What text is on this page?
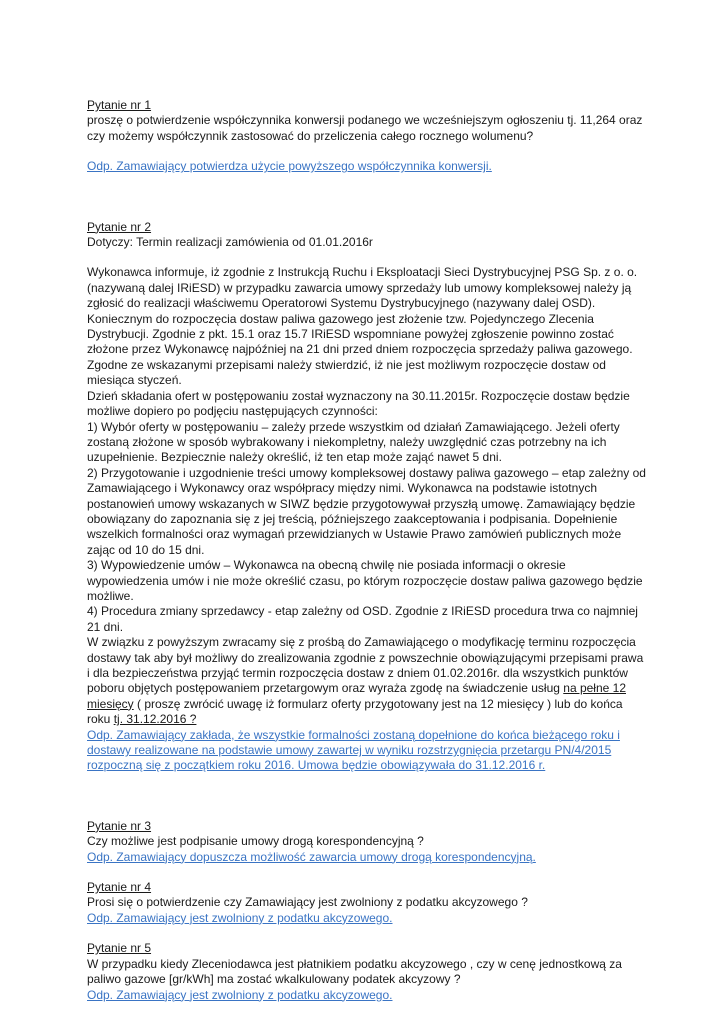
Pytanie nr 1

proszę o potwierdzenie współczynnika konwersji podanego we wcześniejszym ogłoszeniu tj. 11,264 oraz czy możemy współczynnik zastosować do przeliczenia całego rocznego wolumenu?

Odp. Zamawiający potwierdza użycie powyższego współczynnika konwersji.

Pytanie nr 2

Dotyczy: Termin realizacji zamówienia od 01.01.2016r

Wykonawca informuje, iż zgodnie z Instrukcją Ruchu i Eksploatacji Sieci Dystrybucyjnej PSG Sp. z o. o. (nazywaną dalej IRiESD) w przypadku zawarcia umowy sprzedaży lub umowy kompleksowej należy ją zgłosić do realizacji właściwemu Operatorowi Systemu Dystrybucyjnego (nazywany dalej OSD). Koniecznym do rozpoczęcia dostaw paliwa gazowego jest złożenie tzw. Pojedynczego Zlecenia Dystrybucji. Zgodnie z pkt. 15.1 oraz 15.7 IRiESD wspomniane powyżej zgłoszenie powinno zostać złożone przez Wykonawcę najpóźniej na 21 dni przed dniem rozpoczęcia sprzedaży paliwa gazowego. Zgodne ze wskazanymi przepisami należy stwierdzić, iż nie jest możliwym rozpoczęcie dostaw od miesiąca styczeń.

Dzień składania ofert w postępowaniu został wyznaczony na 30.11.2015r. Rozpoczęcie dostaw będzie możliwe dopiero po podjęciu następujących czynności:

1) Wybór oferty w postępowaniu – zależy przede wszystkim od działań Zamawiającego. Jeżeli oferty zostaną złożone w sposób wybrakowany i niekompletny, należy uwzględnić czas potrzebny na ich uzupełnienie. Bezpiecznie należy określić, iż ten etap może zająć nawet 5 dni.

2) Przygotowanie i uzgodnienie treści umowy kompleksowej dostawy paliwa gazowego – etap zależny od Zamawiającego i Wykonawcy oraz współpracy między nimi. Wykonawca na podstawie istotnych postanowień umowy wskazanych w SIWZ będzie przygotowywał przyszłą umowę. Zamawiający będzie obowiązany do zapoznania się z jej treścią, późniejszego zaakceptowania i podpisania. Dopełnienie wszelkich formalności oraz wymagań przewidzianych w Ustawie Prawo zamówień publicznych może zając od 10 do 15 dni.

3) Wypowiedzenie umów – Wykonawca na obecną chwilę nie posiada informacji o okresie wypowiedzenia umów i nie może określić czasu, po którym rozpoczęcie dostaw paliwa gazowego będzie możliwe.

4) Procedura zmiany sprzedawcy - etap zależny od OSD. Zgodnie z IRiESD procedura trwa co najmniej 21 dni.

W związku z powyższym zwracamy się z prośbą do Zamawiającego o modyfikację terminu rozpoczęcia dostawy tak aby był możliwy do zrealizowania zgodnie z powszechnie obowiązującymi przepisami prawa i dla bezpieczeństwa przyjąć termin rozpoczęcia dostaw z dniem 01.02.2016r. dla wszystkich punktów poboru objętych postępowaniem przetargowym oraz wyraża zgodę na świadczenie usług na pełne 12 miesięcy ( proszę zwrócić uwagę iż formularz oferty przygotowany jest na 12 miesięcy ) lub do końca roku tj. 31.12.2016 ?

Odp. Zamawiający zakłada, że wszystkie formalności zostaną dopełnione do końca bieżącego roku i dostawy realizowane na podstawie umowy zawartej w wyniku rozstrzygnięcia przetargu PN/4/2015 rozpoczną się z początkiem roku 2016. Umowa będzie obowiązywała do 31.12.2016 r.

Pytanie nr 3

Czy możliwe jest podpisanie umowy drogą korespondencyjną ?

Odp. Zamawiający dopuszcza możliwość zawarcia umowy drogą korespondencyjną.

Pytanie nr 4

Prosi się o potwierdzenie czy Zamawiający jest zwolniony z podatku akcyzowego ?

Odp. Zamawiający jest zwolniony z podatku akcyzowego.

Pytanie nr 5

W przypadku kiedy Zleceniodawca jest płatnikiem podatku akcyzowego , czy w cenę jednostkową za paliwo gazowe [gr/kWh] ma zostać wkalkulowany podatek akcyzowy ?

Odp. Zamawiający jest zwolniony z podatku akcyzowego.
